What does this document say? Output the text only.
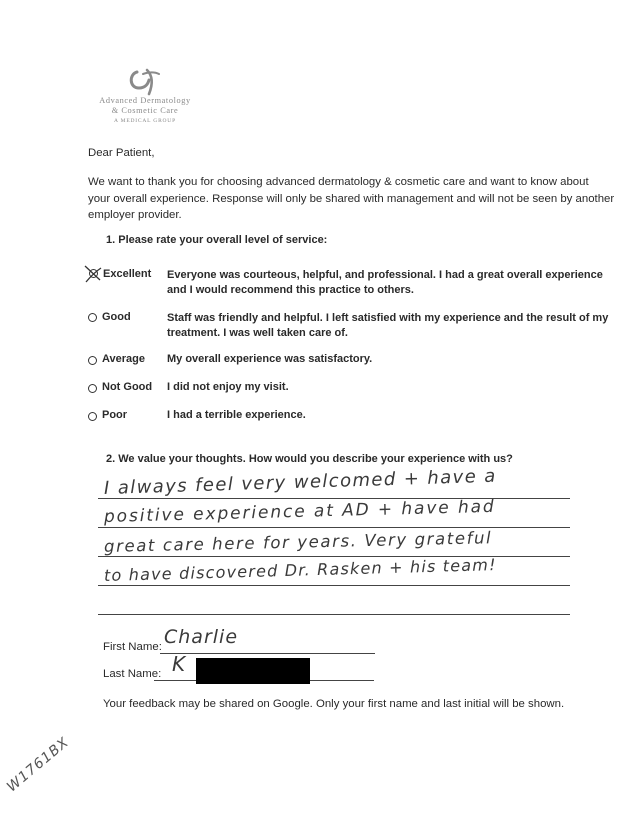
Advanced Dermatology
& Cosmetic Care
A MEDICAL GROUP
Dear Patient,
We want to thank you for choosing advanced dermatology & cosmetic care and want to know about
your overall experience. Response will only be shared with management and will not be seen by another
employer provider.
1. Please rate your overall level of service:
Excellent Everyone was courteous, helpful, and professional. I had a great overall experience
and I would recommend this practice to others.
Good	Staff was friendly and helpful. I left satisfied with my experience and the result of my
treatment. I was well taken care of.
Average My overall experience was satisfactory.
Not Good I did not enjoy my visit.
Poor	I had a terrible experience.
2. We value your thoughts. How would you describe your experience with us?
I always feel very welcomed + have a
positive experience at AD + have had
great care here for years. Very grateful
to have discovered Dr. Rasken + his team!
First Name: Charlie
Last Name: K
Your feedback may be shared on Google. Only your first name and last initial will be shown.
W1761BX
